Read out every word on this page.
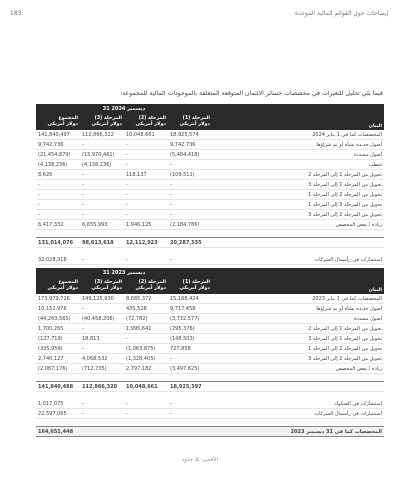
183	إيضاحات حول القوائم المالية الموحدة
فيما يلي تحليل للتغيرات في مخصصات خسائر الائتمان المتوقعة المتعلقة بالموجودات المالية للمجموعة:
31 ديسمبر 2024				

المجموع
دولار أمريكي	المرحلة (3)
دولار أمريكي	المرحلة (2)
دولار أمريكي	المرحلة (1)
دولار أمريكي	البيان
141,840,497	112,866,322	10,048,661	18,925,574	المخصصات كما في 1 يناير 2024
9,742,736	-	-	9,742,736	أصول جديدة نشأة أو تم شراؤها
(21,454,879)	(15,970,461)	-	(5,484,418)	أصول مسددة
(4,138,236)	(4,138,236)	-	-	شطب
8,626	-	118,137	(109,511)	تحويل من المرحلة 1 إلى المرحلة 2
-	-	-	-	تحويل من المرحلة 1 إلى المرحلة 3
-	-	-	-	تحويل من المرحلة 2 إلى المرحلة 1
-	-	-	-	تحويل من المرحلة 3 إلى المرحلة 1
-	-	-	-	تحويل من المرحلة 2 إلى المرحلة 3
6,417,332	6,655,993	1,946,125	(2,184,786)	زيادة / نقص المخصص

131,014,076	98,613,618	12,112,923	20,287,535	

32,028,318	-	-	-	استثمارات في رأسمال الشركات

31 ديسمبر 2023				

المجموع
دولار أمريكي	المرحلة (3)
دولار أمريكي	المرحلة (2)
دولار أمريكي	المرحلة (1)
دولار أمريكي	البيان
173,979,726	149,125,930	8,685,372	15,168,424	المخصصات كما في 1 يناير 2023
10,152,976	-	435,528	9,717,458	أصول جديدة نشأة أو تم شراؤها
(44,263,565)	(40,458,206)	(72,782)	(3,732,577)	أصول مسددة
1,700,265	-	1,995,641	(295,376)	تحويل من المرحلة 1 إلى المرحلة 2
(127,719)	18,813	-	(148,503)	تحويل من المرحلة 1 إلى المرحلة 3
(335,959)	-	(1,063,875)	727,858	تحويل من المرحلة 2 إلى المرحلة 1
2,740,127	4,068,532	(1,328,405)	-	تحويل من المرحلة 2 إلى المرحلة 3
(2,087,176)	(712,735)	2,797,182	(3,497,625)	زيادة / نقص المخصص

141,840,488	112,866,320	10,048,661	18,925,597	

1,017,075	-	-	-	استثمارات في الصكوك
22,597,085	-	-	-	استثمارات في رأسمال الشركات

164,651,448				المخصصات كما في 31 ديسمبر 2023
الأقصى بلا حدود
